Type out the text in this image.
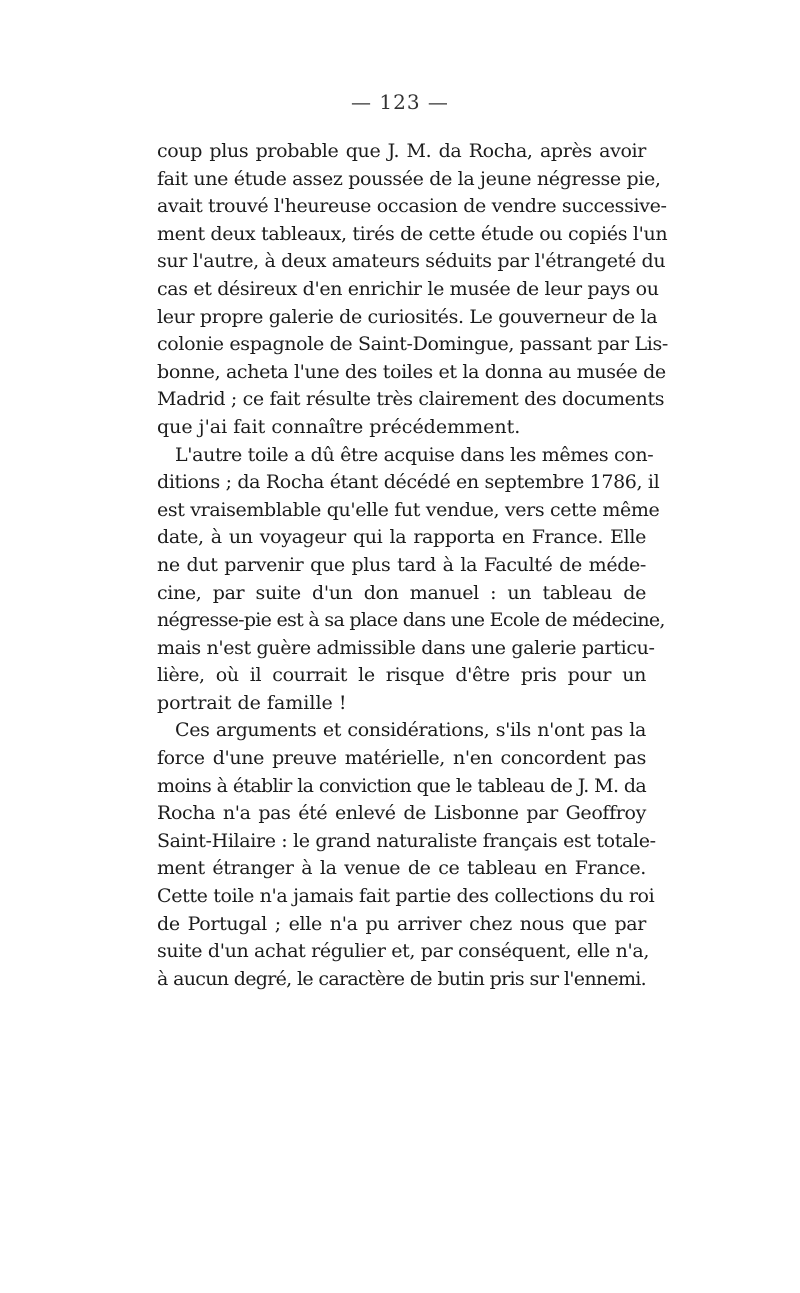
— 123 —
coup plus probable que J. M. da Rocha, après avoir
fait une étude assez poussée de la jeune négresse pie,
avait trouvé l'heureuse occasion de vendre successive-
ment deux tableaux, tirés de cette étude ou copiés l'un
sur l'autre, à deux amateurs séduits par l'étrangeté du
cas et désireux d'en enrichir le musée de leur pays ou
leur propre galerie de curiosités. Le gouverneur de la
colonie espagnole de Saint-Domingue, passant par Lis-
bonne, acheta l'une des toiles et la donna au musée de
Madrid ; ce fait résulte très clairement des documents
que j'ai fait connaître précédemment.
L'autre toile a dû être acquise dans les mêmes con-
ditions ; da Rocha étant décédé en septembre 1786, il
est vraisemblable qu'elle fut vendue, vers cette même
date, à un voyageur qui la rapporta en France. Elle
ne dut parvenir que plus tard à la Faculté de méde-
cine, par suite d'un don manuel : un tableau de
négresse-pie est à sa place dans une Ecole de médecine,
mais n'est guère admissible dans une galerie particu-
lière, où il courrait le risque d'être pris pour un
portrait de famille !
Ces arguments et considérations, s'ils n'ont pas la
force d'une preuve matérielle, n'en concordent pas
moins à établir la conviction que le tableau de J. M. da
Rocha n'a pas été enlevé de Lisbonne par Geoffroy
Saint-Hilaire : le grand naturaliste français est totale-
ment étranger à la venue de ce tableau en France.
Cette toile n'a jamais fait partie des collections du roi
de Portugal ; elle n'a pu arriver chez nous que par
suite d'un achat régulier et, par conséquent, elle n'a,
à aucun degré, le caractère de butin pris sur l'ennemi.
